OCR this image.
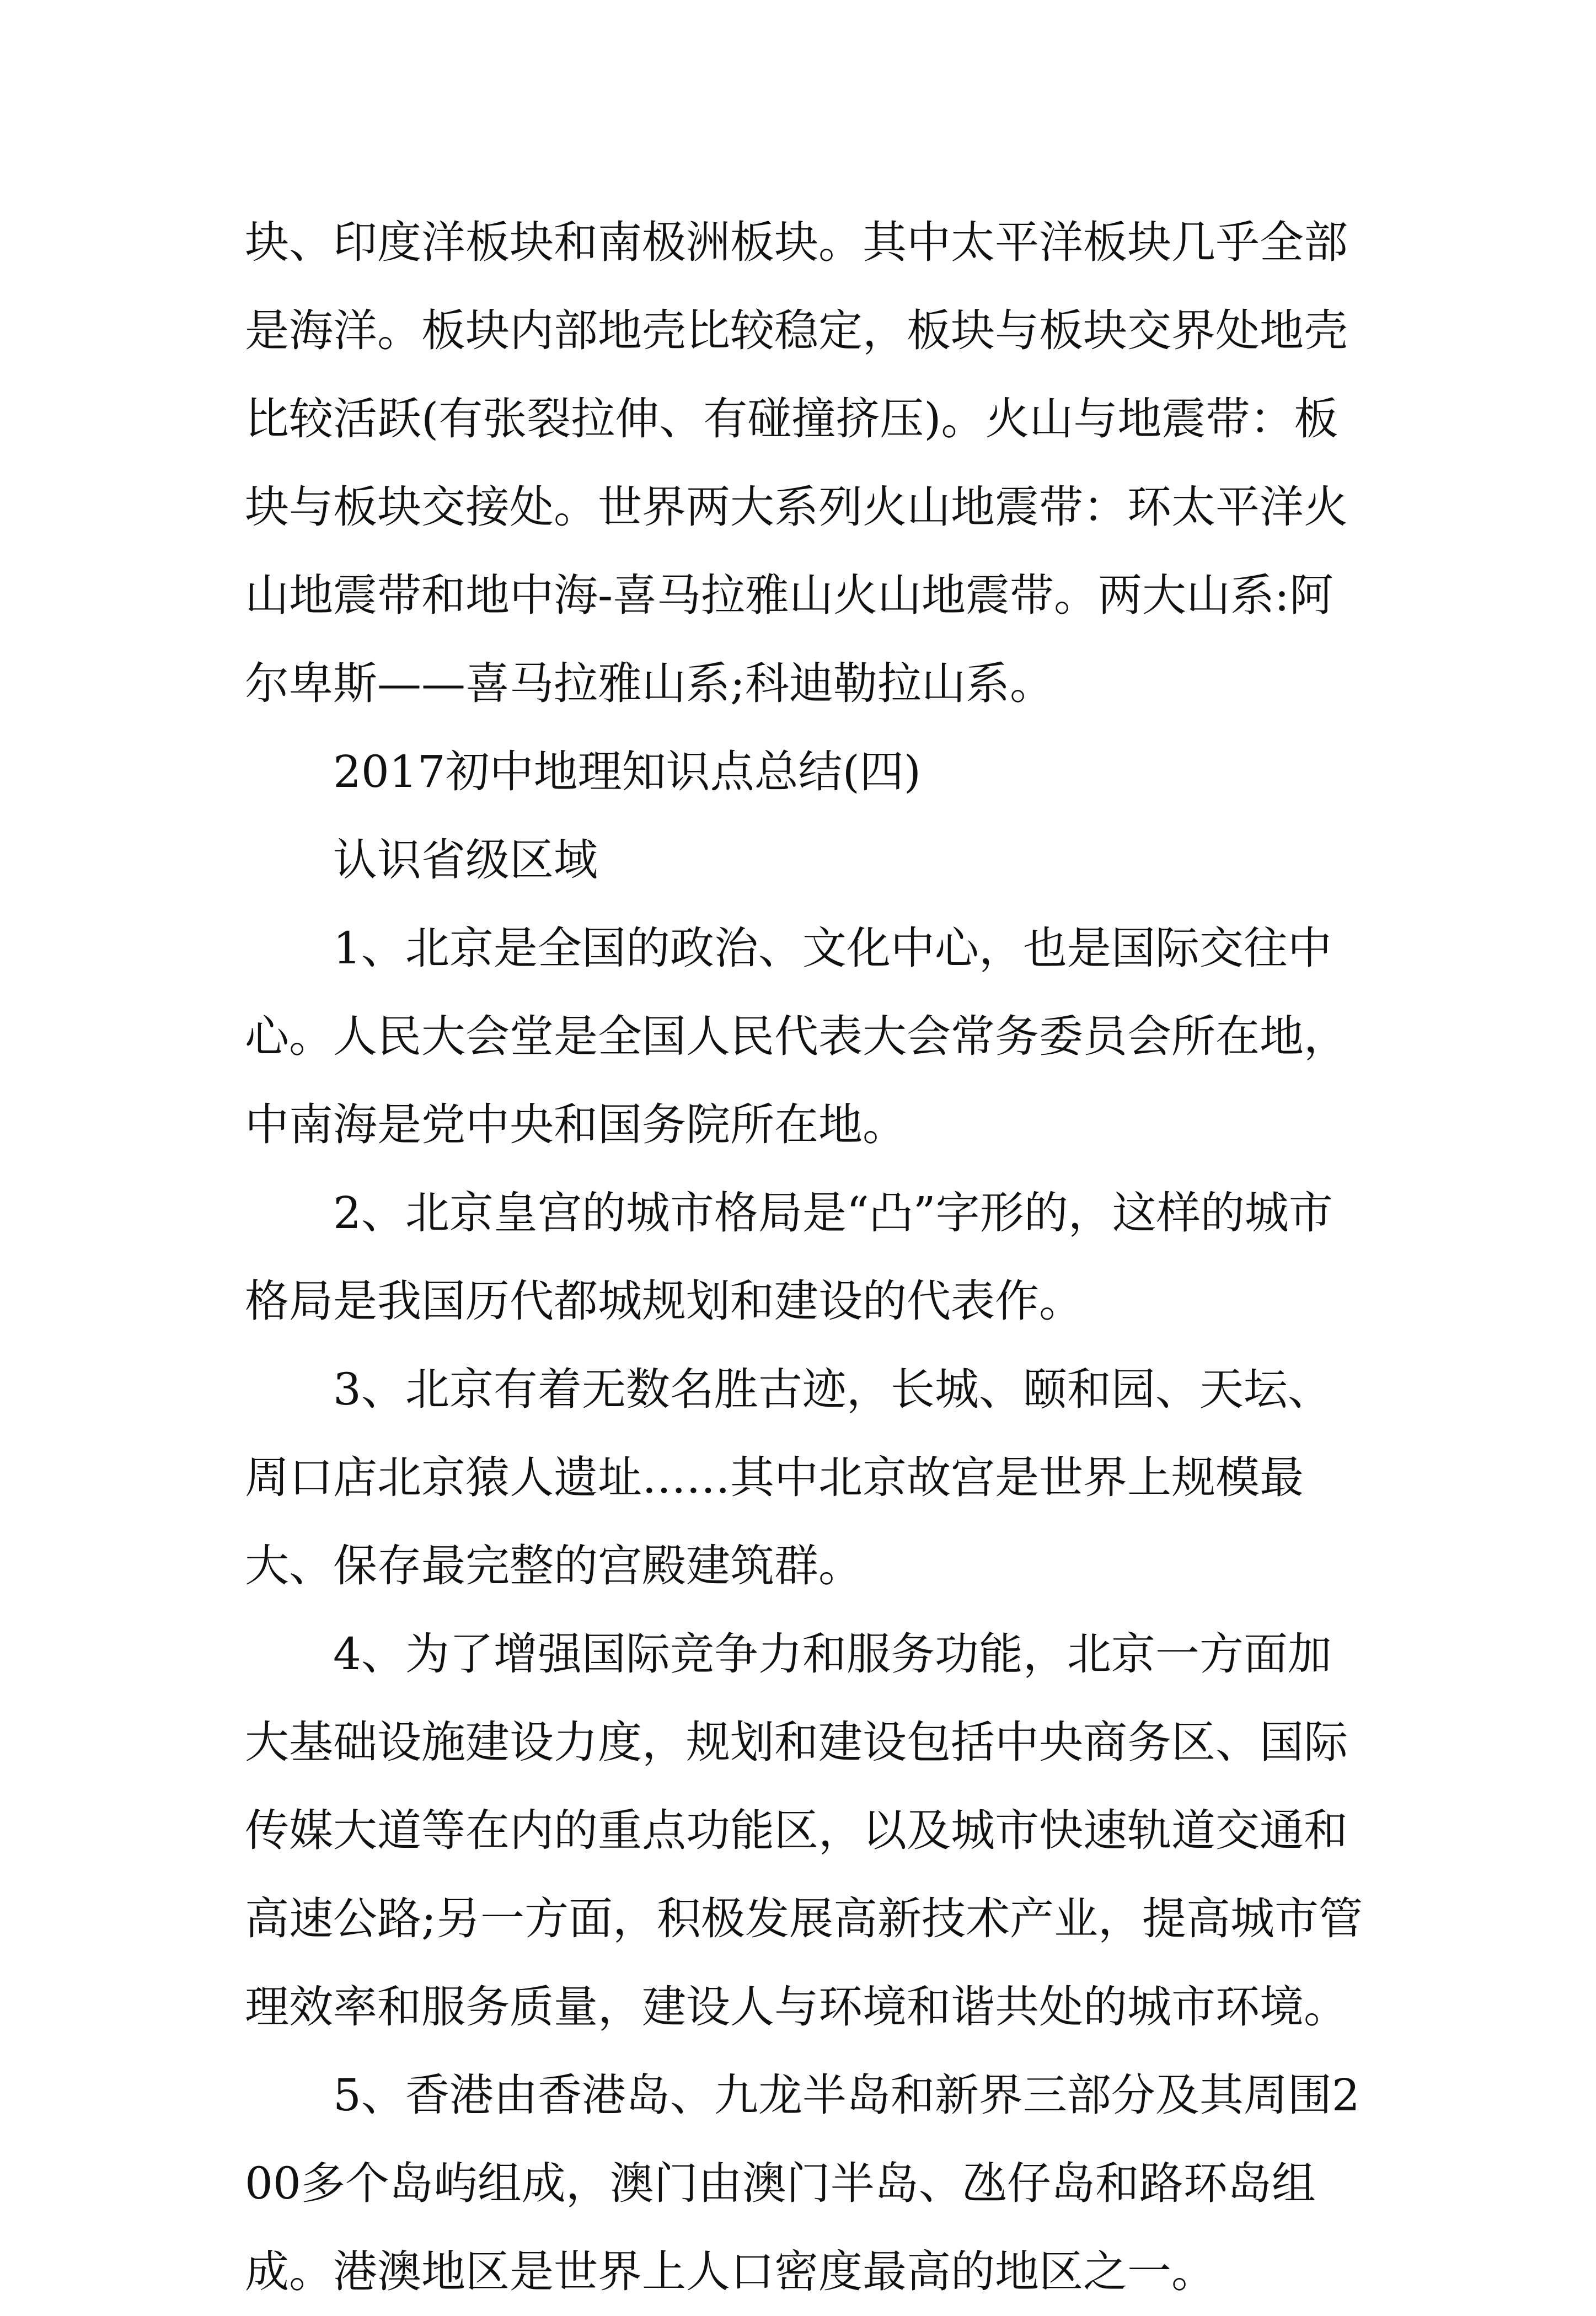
块、印度洋板块和南极洲板块。其中太平洋板块几乎全部是海洋。板块内部地壳比较稳定，板块与板块交界处地壳比较活跃(有张裂拉伸、有碰撞挤压)。火山与地震带：板块与板块交接处。世界两大系列火山地震带：环太平洋火山地震带和地中海-喜马拉雅山火山地震带。两大山系:阿尔卑斯——喜马拉雅山系;科迪勒拉山系。

2017初中地理知识点总结(四)

认识省级区域

1、北京是全国的政治、文化中心，也是国际交往中心。人民大会堂是全国人民代表大会常务委员会所在地，中南海是党中央和国务院所在地。

2、北京皇宫的城市格局是“凸”字形的，这样的城市格局是我国历代都城规划和建设的代表作。

3、北京有着无数名胜古迹，长城、颐和园、天坛、周口店北京猿人遗址……其中北京故宫是世界上规模最大、保存最完整的宫殿建筑群。

4、为了增强国际竞争力和服务功能，北京一方面加大基础设施建设力度，规划和建设包括中央商务区、国际传媒大道等在内的重点功能区，以及城市快速轨道交通和高速公路;另一方面，积极发展高新技术产业，提高城市管理效率和服务质量，建设人与环境和谐共处的城市环境。

5、香港由香港岛、九龙半岛和新界三部分及其周围200多个岛屿组成，澳门由澳门半岛、氹仔岛和路环岛组成。港澳地区是世界上人口密度最高的地区之一。
